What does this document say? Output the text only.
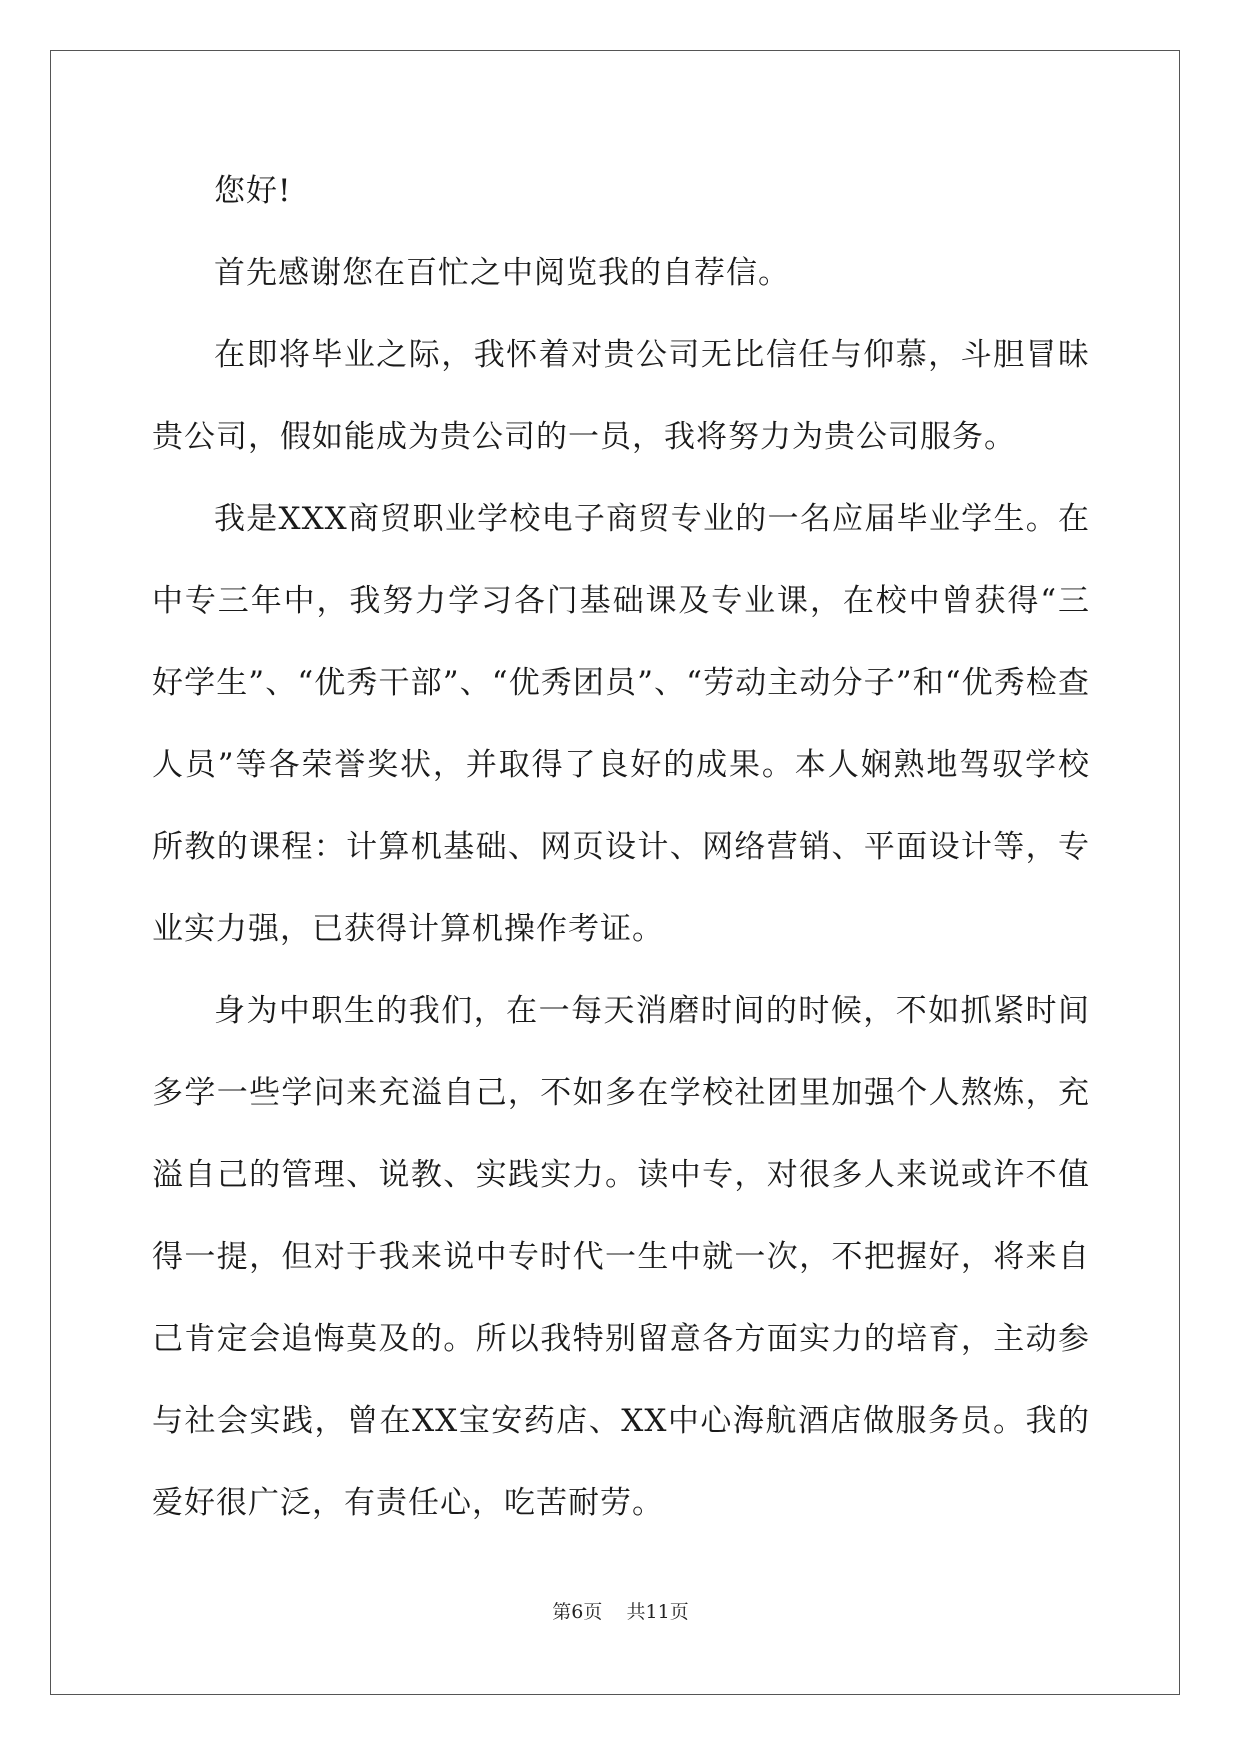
您好!

首先感谢您在百忙之中阅览我的自荐信。

在即将毕业之际，我怀着对贵公司无比信任与仰慕，斗胆冒昧贵公司，假如能成为贵公司的一员，我将努力为贵公司服务。

我是XXX商贸职业学校电子商贸专业的一名应届毕业学生。在中专三年中，我努力学习各门基础课及专业课，在校中曾获得“三好学生”、“优秀干部”、“优秀团员”、“劳动主动分子”和“优秀检查人员”等各荣誉奖状，并取得了良好的成果。本人娴熟地驾驭学校所教的课程：计算机基础、网页设计、网络营销、平面设计等，专业实力强，已获得计算机操作考证。

身为中职生的我们，在一每天消磨时间的时候，不如抓紧时间多学一些学问来充溢自己，不如多在学校社团里加强个人熬炼，充溢自己的管理、说教、实践实力。读中专，对很多人来说或许不值得一提，但对于我来说中专时代一生中就一次，不把握好，将来自己肯定会追悔莫及的。所以我特别留意各方面实力的培育，主动参与社会实践，曾在XX宝安药店、XX中心海航酒店做服务员。我的爱好很广泛，有责任心，吃苦耐劳。

第6页 共11页
